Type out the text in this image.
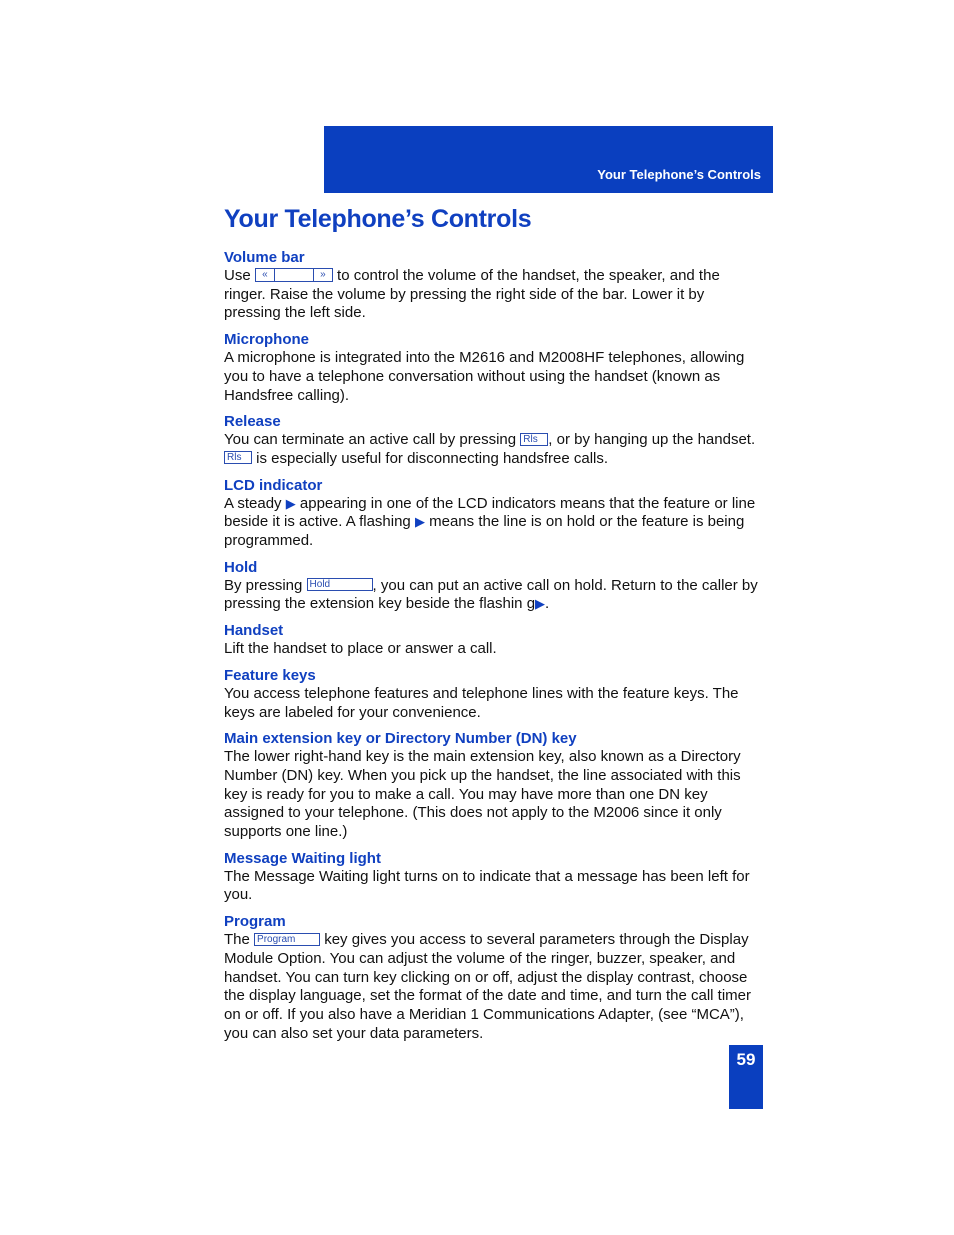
Your Telephone’s Controls
Your Telephone’s Controls
Volume bar

Use	«	» to control the volume of the handset, the speaker, and the ringer. Raise the volume by pressing the right side of the bar. Lower it by pressing the left side.

Microphone

A microphone is integrated into the M2616 and M2008HF telephones, allowing you to have a telephone conversation without using the handset (known as Handsfree calling).

Release

You can terminate an active call by pressing Rls , or by hanging up the handset. Rls is especially useful for disconnecting handsfree calls.

LCD indicator

A steady ▶ appearing in one of the LCD indicators means that the feature or line beside it is active. A flashing ▶ means the line is on hold or the feature is being programmed.

Hold

By pressing Hold	, you can put an active call on hold. Return to the caller by pressing the extension key beside the flashin g▶.

Handset

Lift the handset to place or answer a call.

Feature keys

You access telephone features and telephone lines with the feature keys. The keys are labeled for your convenience.

Main extension key or Directory Number (DN) key

The lower right-hand key is the main extension key, also known as a Directory Number (DN) key. When you pick up the handset, the line associated with this key is ready for you to make a call. You may have more than one DN key assigned to your telephone. (This does not apply to the M2006 since it only supports one line.)

Message Waiting light

The Message Waiting light turns on to indicate that a message has been left for you.

Program

The Program key gives you access to several parameters through the Display Module Option. You can adjust the volume of the ringer, buzzer, speaker, and handset. You can turn key clicking on or off, adjust the display contrast, choose the display language, set the format of the date and time, and turn the call timer on or off. If you also have a Meridian 1 Communications Adapter, (see “MCA”), you can also set your data parameters.

59
